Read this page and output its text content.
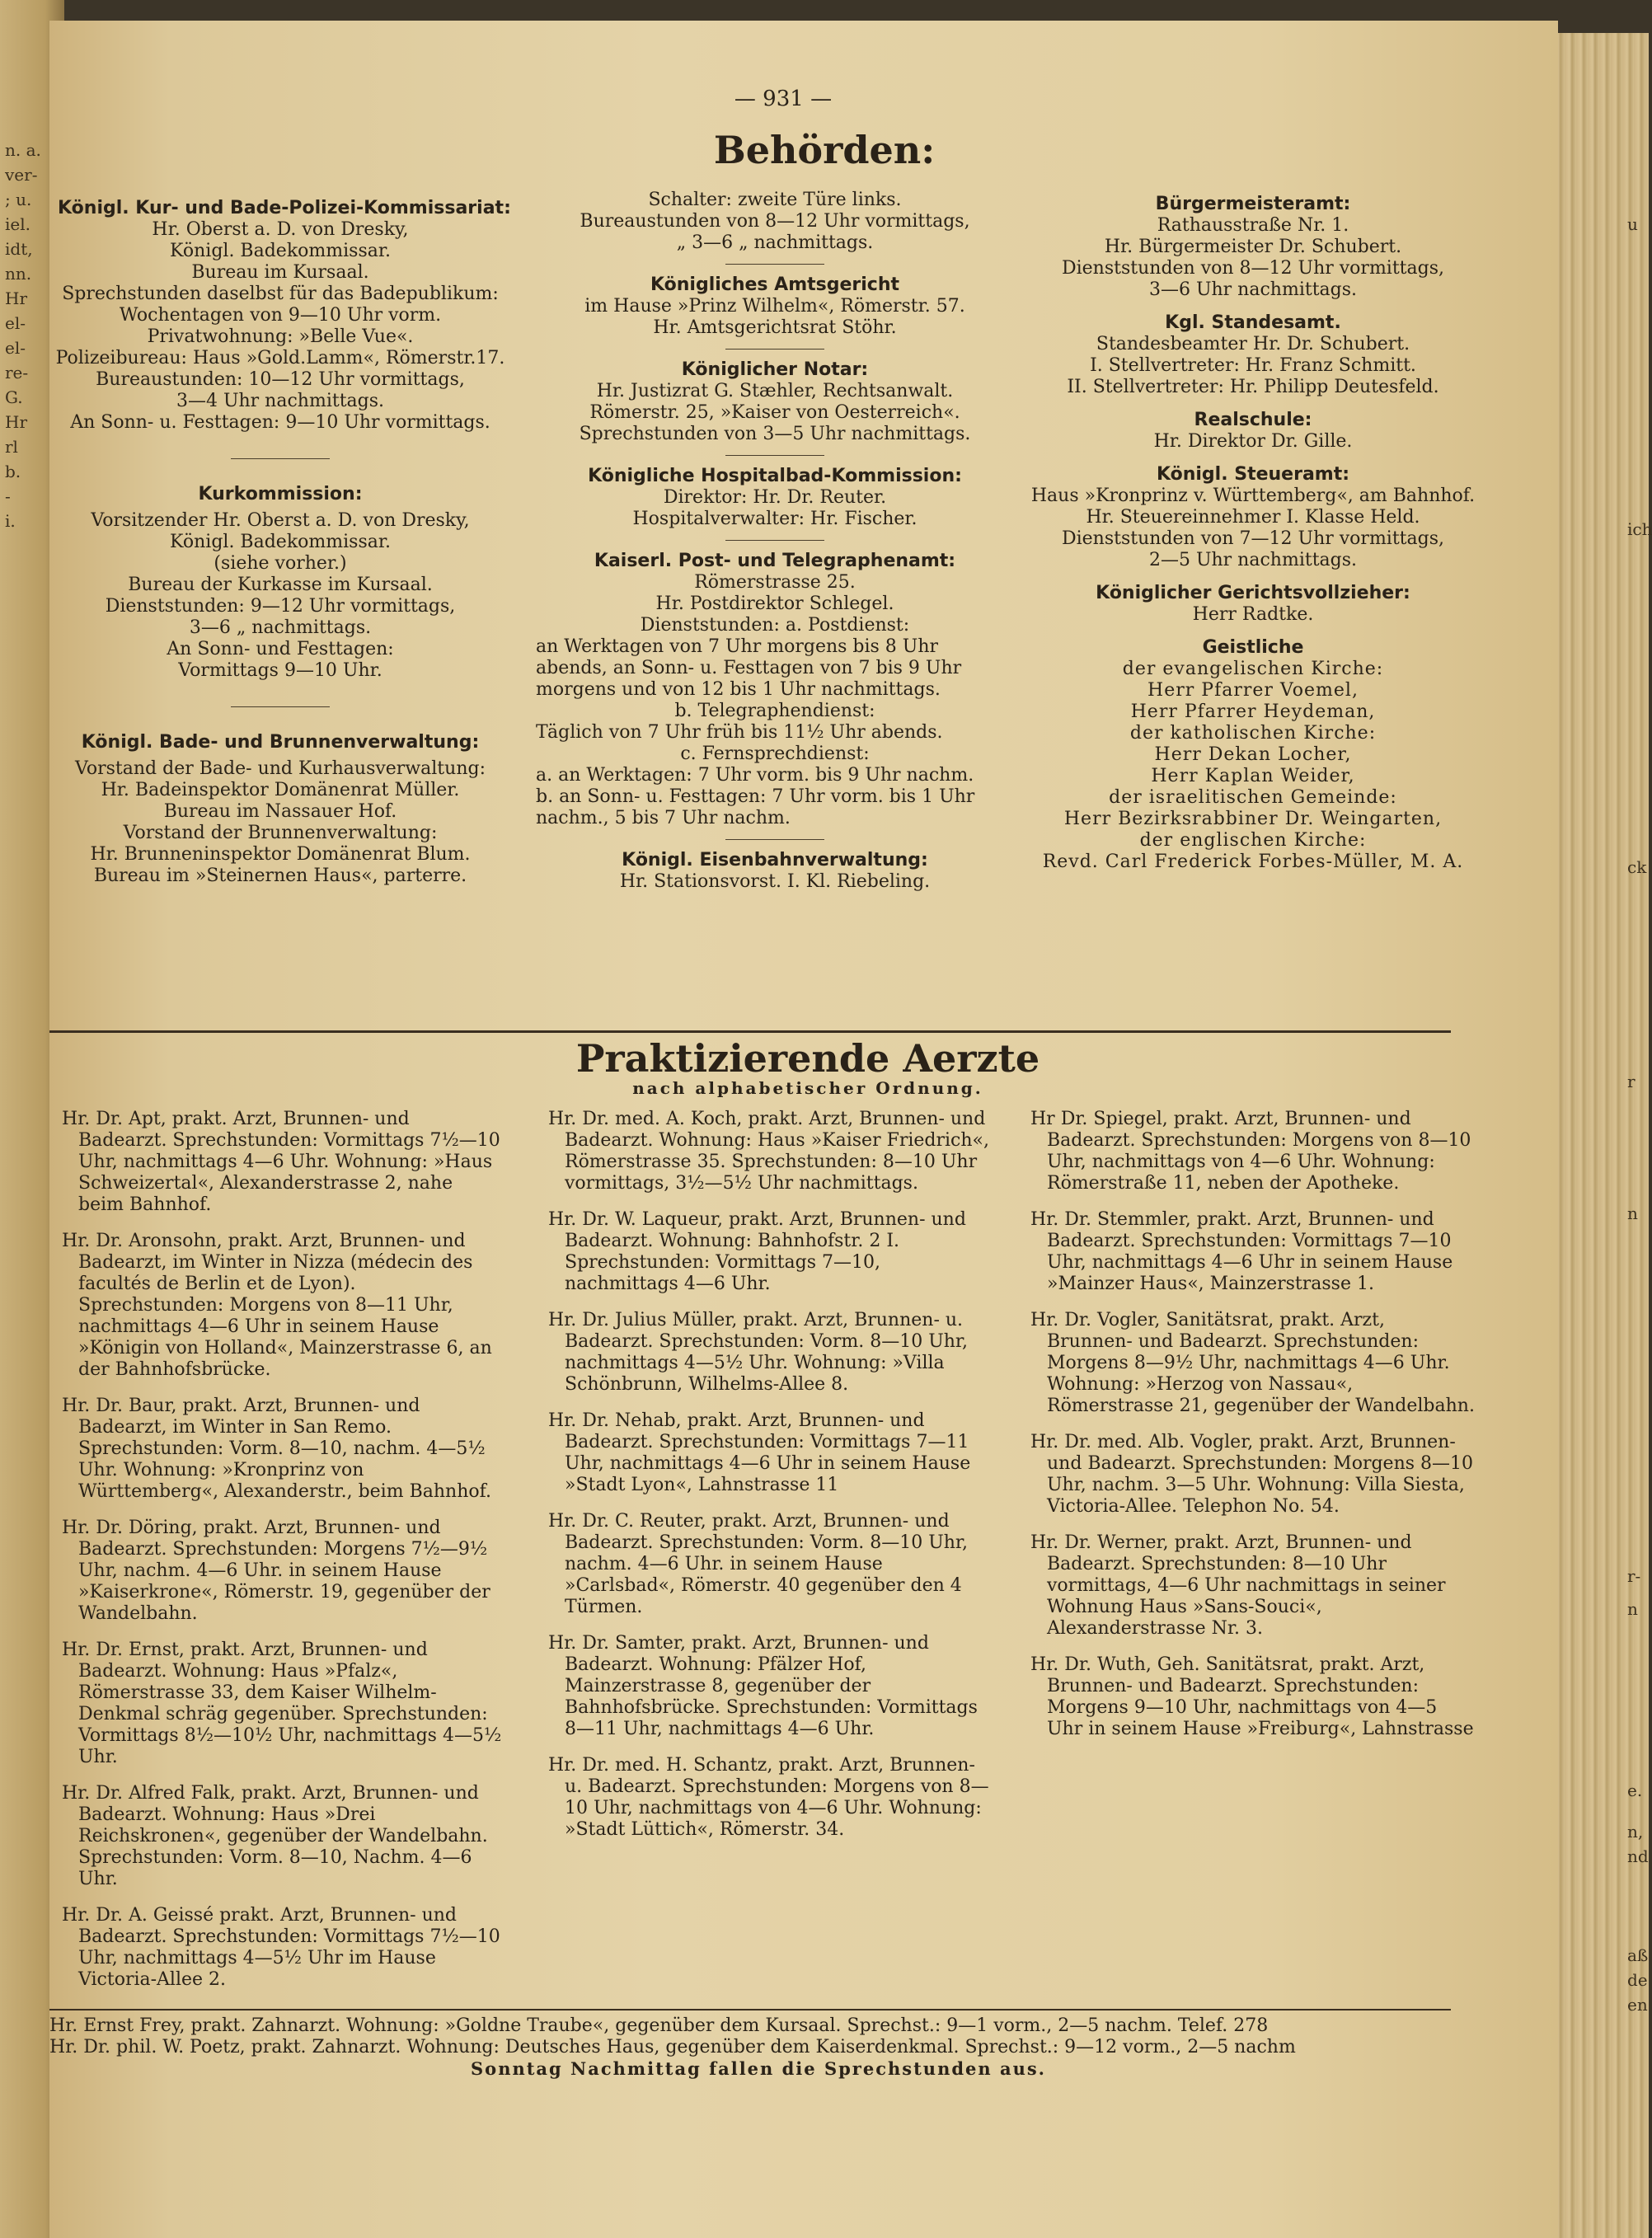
n. a.
ver-
; u.
iel.
idt,
nn.
Hr
el-
el-
re-
G.
Hr
rl
b.
-
i.
u
ich
ck
r
n
r-
n
e.
n,
nd
aß
de
en
— 931 —
Behörden:

Königl. Kur- und Bade-Polizei-Kommissariat:

Hr. Oberst a. D. von Dresky,
Königl. Badekommissar.
Bureau im Kursaal.
Sprechstunden daselbst für das Badepublikum:
Wochentagen von 9—10 Uhr vorm.
Privatwohnung: »Belle Vue«.
Polizeibureau: Haus »Gold.Lamm«, Römerstr.17.
Bureaustunden: 10—12 Uhr vormittags,
3—4 Uhr nachmittags.
An Sonn- u. Festtagen: 9—10 Uhr vormittags.

Kurkommission:

Vorsitzender Hr. Oberst a. D. von Dresky,
Königl. Badekommissar.
(siehe vorher.)
Bureau der Kurkasse im Kursaal.
Dienststunden: 9—12 Uhr vormittags,
3—6 „ nachmittags.
An Sonn- und Festtagen:
Vormittags 9—10 Uhr.

Königl. Bade- und Brunnenverwaltung:

Vorstand der Bade- und Kurhausverwaltung:
Hr. Badeinspektor Domänenrat Müller.
Bureau im Nassauer Hof.
Vorstand der Brunnenverwaltung:
Hr. Brunneninspektor Domänenrat Blum.
Bureau im »Steinernen Haus«, parterre.
Schalter: zweite Türe links.
Bureaustunden von 8—12 Uhr vormittags,
„ 3—6 „ nachmittags.

Königliches Amtsgericht

im Hause »Prinz Wilhelm«, Römerstr. 57.
Hr. Amtsgerichtsrat Stöhr.

Königlicher Notar:

Hr. Justizrat G. Stæhler, Rechtsanwalt.
Römerstr. 25, »Kaiser von Oesterreich«.
Sprechstunden von 3—5 Uhr nachmittags.

Königliche Hospitalbad-Kommission:

Direktor: Hr. Dr. Reuter.
Hospitalverwalter: Hr. Fischer.

Kaiserl. Post- und Telegraphenamt:

Römerstrasse 25.
Hr. Postdirektor Schlegel.
Dienststunden: a. Postdienst:
an Werktagen von 7 Uhr morgens bis 8 Uhr
abends, an Sonn- u. Festtagen von 7 bis 9 Uhr
morgens und von 12 bis 1 Uhr nachmittags.

b. Telegraphendienst:

Täglich von 7 Uhr früh bis 11½ Uhr abends.

c. Fernsprechdienst:

a. an Werktagen: 7 Uhr vorm. bis 9 Uhr nachm.
b. an Sonn- u. Festtagen: 7 Uhr vorm. bis 1 Uhr
nachm., 5 bis 7 Uhr nachm.

Königl. Eisenbahnverwaltung:

Hr. Stationsvorst. I. Kl. Riebeling.

Bürgermeisteramt:

Rathausstraße Nr. 1.
Hr. Bürgermeister Dr. Schubert.
Dienststunden von 8—12 Uhr vormittags,
3—6 Uhr nachmittags.

Kgl. Standesamt.

Standesbeamter Hr. Dr. Schubert.
I. Stellvertreter: Hr. Franz Schmitt.
II. Stellvertreter: Hr. Philipp Deutesfeld.

Realschule:

Hr. Direktor Dr. Gille.

Königl. Steueramt:

Haus »Kronprinz v. Württemberg«, am Bahnhof.
Hr. Steuereinnehmer I. Klasse Held.
Dienststunden von 7—12 Uhr vormittags,
2—5 Uhr nachmittags.

Königlicher Gerichtsvollzieher:

Herr Radtke.

Geistliche

der evangelischen Kirche:
Herr Pfarrer Voemel,
Herr Pfarrer Heydeman,
der katholischen Kirche:
Herr Dekan Locher,
Herr Kaplan Weider,
der israelitischen Gemeinde:
Herr Bezirksrabbiner Dr. Weingarten,
der englischen Kirche:
Revd. Carl Frederick Forbes-Müller, M. A.
Praktizierende Aerzte
nach alphabetischer Ordnung.

Hr. Dr. Apt, prakt. Arzt, Brunnen- und Badearzt. Sprechstunden: Vormittags 7½—10 Uhr, nachmittags 4—6 Uhr. Wohnung: »Haus Schweizertal«, Alexanderstrasse 2, nahe beim Bahnhof.

Hr. Dr. Aronsohn, prakt. Arzt, Brunnen- und Badearzt, im Winter in Nizza (médecin des facultés de Berlin et de Lyon). Sprechstunden: Morgens von 8—11 Uhr, nachmittags 4—6 Uhr in seinem Hause »Königin von Holland«, Mainzerstrasse 6, an der Bahnhofsbrücke.

Hr. Dr. Baur, prakt. Arzt, Brunnen- und Badearzt, im Winter in San Remo. Sprechstunden: Vorm. 8—10, nachm. 4—5½ Uhr. Wohnung: »Kronprinz von Württemberg«, Alexanderstr., beim Bahnhof.

Hr. Dr. Döring, prakt. Arzt, Brunnen- und Badearzt. Sprechstunden: Morgens 7½—9½ Uhr, nachm. 4—6 Uhr. in seinem Hause »Kaiserkrone«, Römerstr. 19, gegenüber der Wandelbahn.

Hr. Dr. Ernst, prakt. Arzt, Brunnen- und Badearzt. Wohnung: Haus »Pfalz«, Römerstrasse 33, dem Kaiser Wilhelm-Denkmal schräg gegenüber. Sprechstunden: Vormittags 8½—10½ Uhr, nachmittags 4—5½ Uhr.

Hr. Dr. Alfred Falk, prakt. Arzt, Brunnen- und Badearzt. Wohnung: Haus »Drei Reichskronen«, gegenüber der Wandelbahn. Sprechstunden: Vorm. 8—10, Nachm. 4—6 Uhr.

Hr. Dr. A. Geissé prakt. Arzt, Brunnen- und Badearzt. Sprechstunden: Vormittags 7½—10 Uhr, nachmittags 4—5½ Uhr im Hause Victoria-Allee 2.

Hr. Dr. med. A. Koch, prakt. Arzt, Brunnen- und Badearzt. Wohnung: Haus »Kaiser Friedrich«, Römerstrasse 35. Sprechstunden: 8—10 Uhr vormittags, 3½—5½ Uhr nachmittags.

Hr. Dr. W. Laqueur, prakt. Arzt, Brunnen- und Badearzt. Wohnung: Bahnhofstr. 2 I. Sprechstunden: Vormittags 7—10, nachmittags 4—6 Uhr.

Hr. Dr. Julius Müller, prakt. Arzt, Brunnen- u. Badearzt. Sprechstunden: Vorm. 8—10 Uhr, nachmittags 4—5½ Uhr. Wohnung: »Villa Schönbrunn, Wilhelms-Allee 8.

Hr. Dr. Nehab, prakt. Arzt, Brunnen- und Badearzt. Sprechstunden: Vormittags 7—11 Uhr, nachmittags 4—6 Uhr in seinem Hause »Stadt Lyon«, Lahnstrasse 11

Hr. Dr. C. Reuter, prakt. Arzt, Brunnen- und Badearzt. Sprechstunden: Vorm. 8—10 Uhr, nachm. 4—6 Uhr. in seinem Hause »Carlsbad«, Römerstr. 40 gegenüber den 4 Türmen.

Hr. Dr. Samter, prakt. Arzt, Brunnen- und Badearzt. Wohnung: Pfälzer Hof, Mainzerstrasse 8, gegenüber der Bahnhofsbrücke. Sprechstunden: Vormittags 8—11 Uhr, nachmittags 4—6 Uhr.

Hr. Dr. med. H. Schantz, prakt. Arzt, Brunnen- u. Badearzt. Sprechstunden: Morgens von 8—10 Uhr, nachmittags von 4—6 Uhr. Wohnung: »Stadt Lüttich«, Römerstr. 34.

Hr Dr. Spiegel, prakt. Arzt, Brunnen- und Badearzt. Sprechstunden: Morgens von 8—10 Uhr, nachmittags von 4—6 Uhr. Wohnung: Römerstraße 11, neben der Apotheke.

Hr. Dr. Stemmler, prakt. Arzt, Brunnen- und Badearzt. Sprechstunden: Vormittags 7—10 Uhr, nachmittags 4—6 Uhr in seinem Hause »Mainzer Haus«, Mainzerstrasse 1.

Hr. Dr. Vogler, Sanitätsrat, prakt. Arzt, Brunnen- und Badearzt. Sprechstunden: Morgens 8—9½ Uhr, nachmittags 4—6 Uhr. Wohnung: »Herzog von Nassau«, Römerstrasse 21, gegenüber der Wandelbahn.

Hr. Dr. med. Alb. Vogler, prakt. Arzt, Brunnen- und Badearzt. Sprechstunden: Morgens 8—10 Uhr, nachm. 3—5 Uhr. Wohnung: Villa Siesta, Victoria-Allee. Telephon No. 54.

Hr. Dr. Werner, prakt. Arzt, Brunnen- und Badearzt. Sprechstunden: 8—10 Uhr vormittags, 4—6 Uhr nachmittags in seiner Wohnung Haus »Sans-Souci«, Alexanderstrasse Nr. 3.

Hr. Dr. Wuth, Geh. Sanitätsrat, prakt. Arzt, Brunnen- und Badearzt. Sprechstunden: Morgens 9—10 Uhr, nachmittags von 4—5 Uhr in seinem Hause »Freiburg«, Lahnstrasse

Hr. Ernst Frey, prakt. Zahnarzt. Wohnung: »Goldne Traube«, gegenüber dem Kursaal. Sprechst.: 9—1 vorm., 2—5 nachm. Telef. 278
Hr. Dr. phil. W. Poetz, prakt. Zahnarzt. Wohnung: Deutsches Haus, gegenüber dem Kaiserdenkmal. Sprechst.: 9—12 vorm., 2—5 nachm
Sonntag Nachmittag fallen die Sprechstunden aus.
